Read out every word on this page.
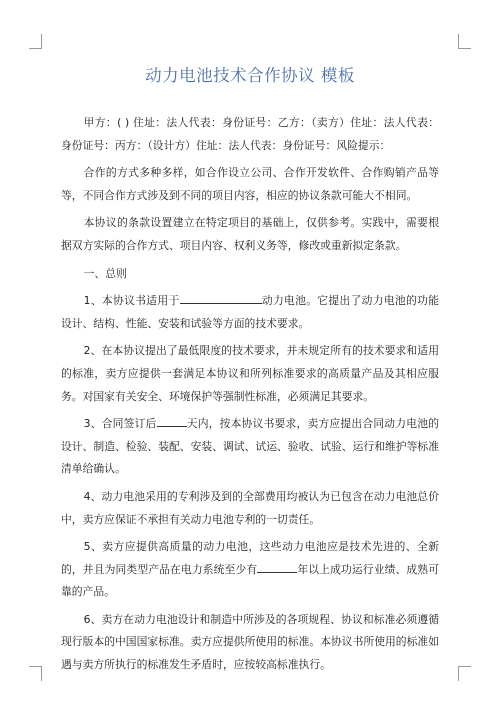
动力电池技术合作协议 模板

甲方：( ) 住址：法人代表：身份证号：乙方：（卖方）住址：法人代表：身份证号：丙方：（设计方）住址：法人代表：身份证号：风险提示：

合作的方式多种多样，如合作设立公司、合作开发软件、合作购销产品等等，不同合作方式涉及到不同的项目内容，相应的协议条款可能大不相同。

本协议的条款设置建立在特定项目的基础上，仅供参考。实践中，需要根据双方实际的合作方式、项目内容、权利义务等，修改或重新拟定条款。

一、总则

1、本协议书适用于	动力电池。它提出了动力电池的功能设计、结构、性能、安装和试验等方面的技术要求。

2、在本协议提出了最低限度的技术要求，并未规定所有的技术要求和适用的标准，卖方应提供一套满足本协议和所列标准要求的高质量产品及其相应服务。对国家有关安全、环境保护等强制性标准，必须满足其要求。

3、合同签订后	天内，按本协议书要求，卖方应提出合同动力电池的设计、制造、检验、装配、安装、调试、试运、验收、试验、运行和维护等标准清单给确认。

4、动力电池采用的专利涉及到的全部费用均被认为已包含在动力电池总价中，卖方应保证不承担有关动力电池专利的一切责任。

5、卖方应提供高质量的动力电池，这些动力电池应是技术先进的、全新的，并且为同类型产品在电力系统至少有	年以上成功运行业绩、成熟可靠的产品。

6、卖方在动力电池设计和制造中所涉及的各项规程、协议和标准必须遵循现行版本的中国国家标准。卖方应提供所使用的标准。本协议书所使用的标准如遇与卖方所执行的标准发生矛盾时，应按较高标准执行。
